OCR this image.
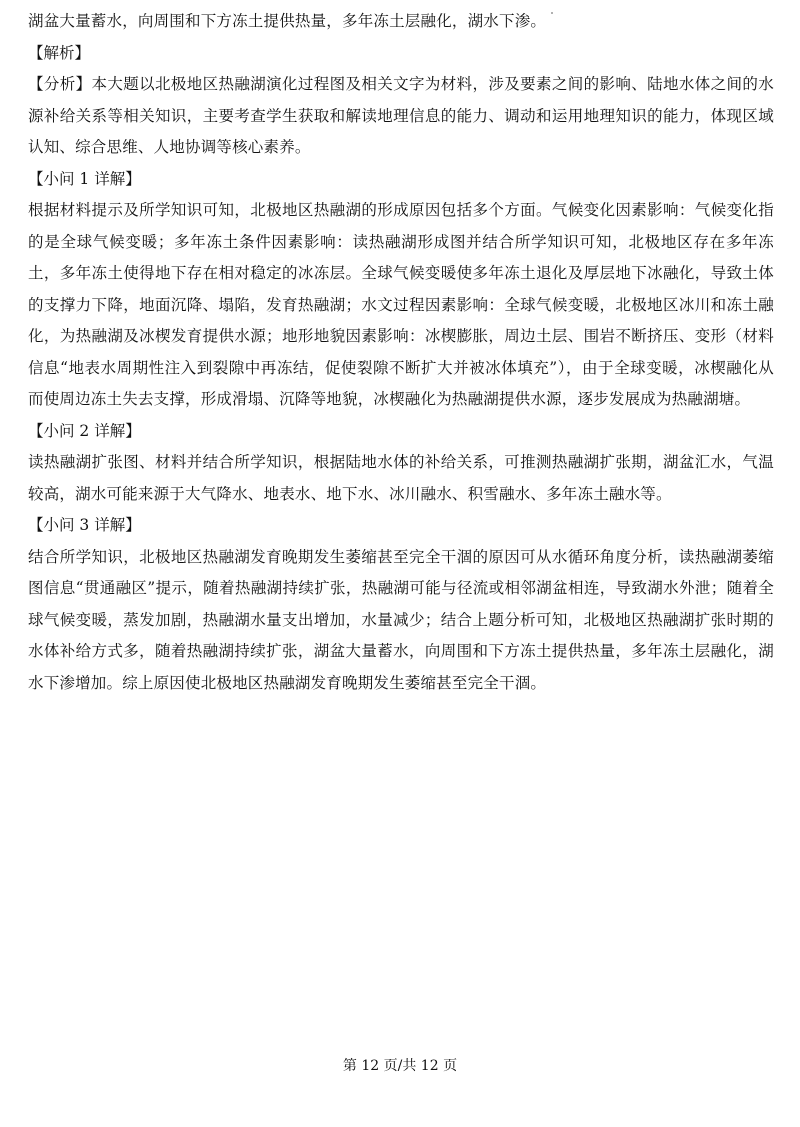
湖盆大量蓄水，向周围和下方冻土提供热量，多年冻土层融化，湖水下渗。

【解析】

【分析】本大题以北极地区热融湖演化过程图及相关文字为材料，涉及要素之间的影响、陆地水体之间的水源补给关系等相关知识，主要考查学生获取和解读地理信息的能力、调动和运用地理知识的能力，体现区域认知、综合思维、人地协调等核心素养。

【小问 1 详解】

根据材料提示及所学知识可知，北极地区热融湖的形成原因包括多个方面。气候变化因素影响：气候变化指的是全球气候变暖；多年冻土条件因素影响：读热融湖形成图并结合所学知识可知，北极地区存在多年冻土，多年冻土使得地下存在相对稳定的冰冻层。全球气候变暖使多年冻土退化及厚层地下冰融化，导致土体的支撑力下降，地面沉降、塌陷，发育热融湖；水文过程因素影响：全球气候变暖，北极地区冰川和冻土融化，为热融湖及冰楔发育提供水源；地形地貌因素影响：冰楔膨胀，周边土层、围岩不断挤压、变形（材料信息“地表水周期性注入到裂隙中再冻结，促使裂隙不断扩大并被冰体填充”），由于全球变暖，冰楔融化从而使周边冻土失去支撑，形成滑塌、沉降等地貌，冰楔融化为热融湖提供水源，逐步发展成为热融湖塘。

【小问 2 详解】

读热融湖扩张图、材料并结合所学知识，根据陆地水体的补给关系，可推测热融湖扩张期，湖盆汇水，气温较高，湖水可能来源于大气降水、地表水、地下水、冰川融水、积雪融水、多年冻土融水等。

【小问 3 详解】

结合所学知识，北极地区热融湖发育晚期发生萎缩甚至完全干涸的原因可从水循环角度分析，读热融湖萎缩图信息“贯通融区”提示，随着热融湖持续扩张，热融湖可能与径流或相邻湖盆相连，导致湖水外泄；随着全球气候变暖，蒸发加剧，热融湖水量支出增加，水量减少；结合上题分析可知，北极地区热融湖扩张时期的水体补给方式多，随着热融湖持续扩张，湖盆大量蓄水，向周围和下方冻土提供热量，多年冻土层融化，湖水下渗增加。综上原因使北极地区热融湖发育晚期发生萎缩甚至完全干涸。

第 12 页/共 12 页
